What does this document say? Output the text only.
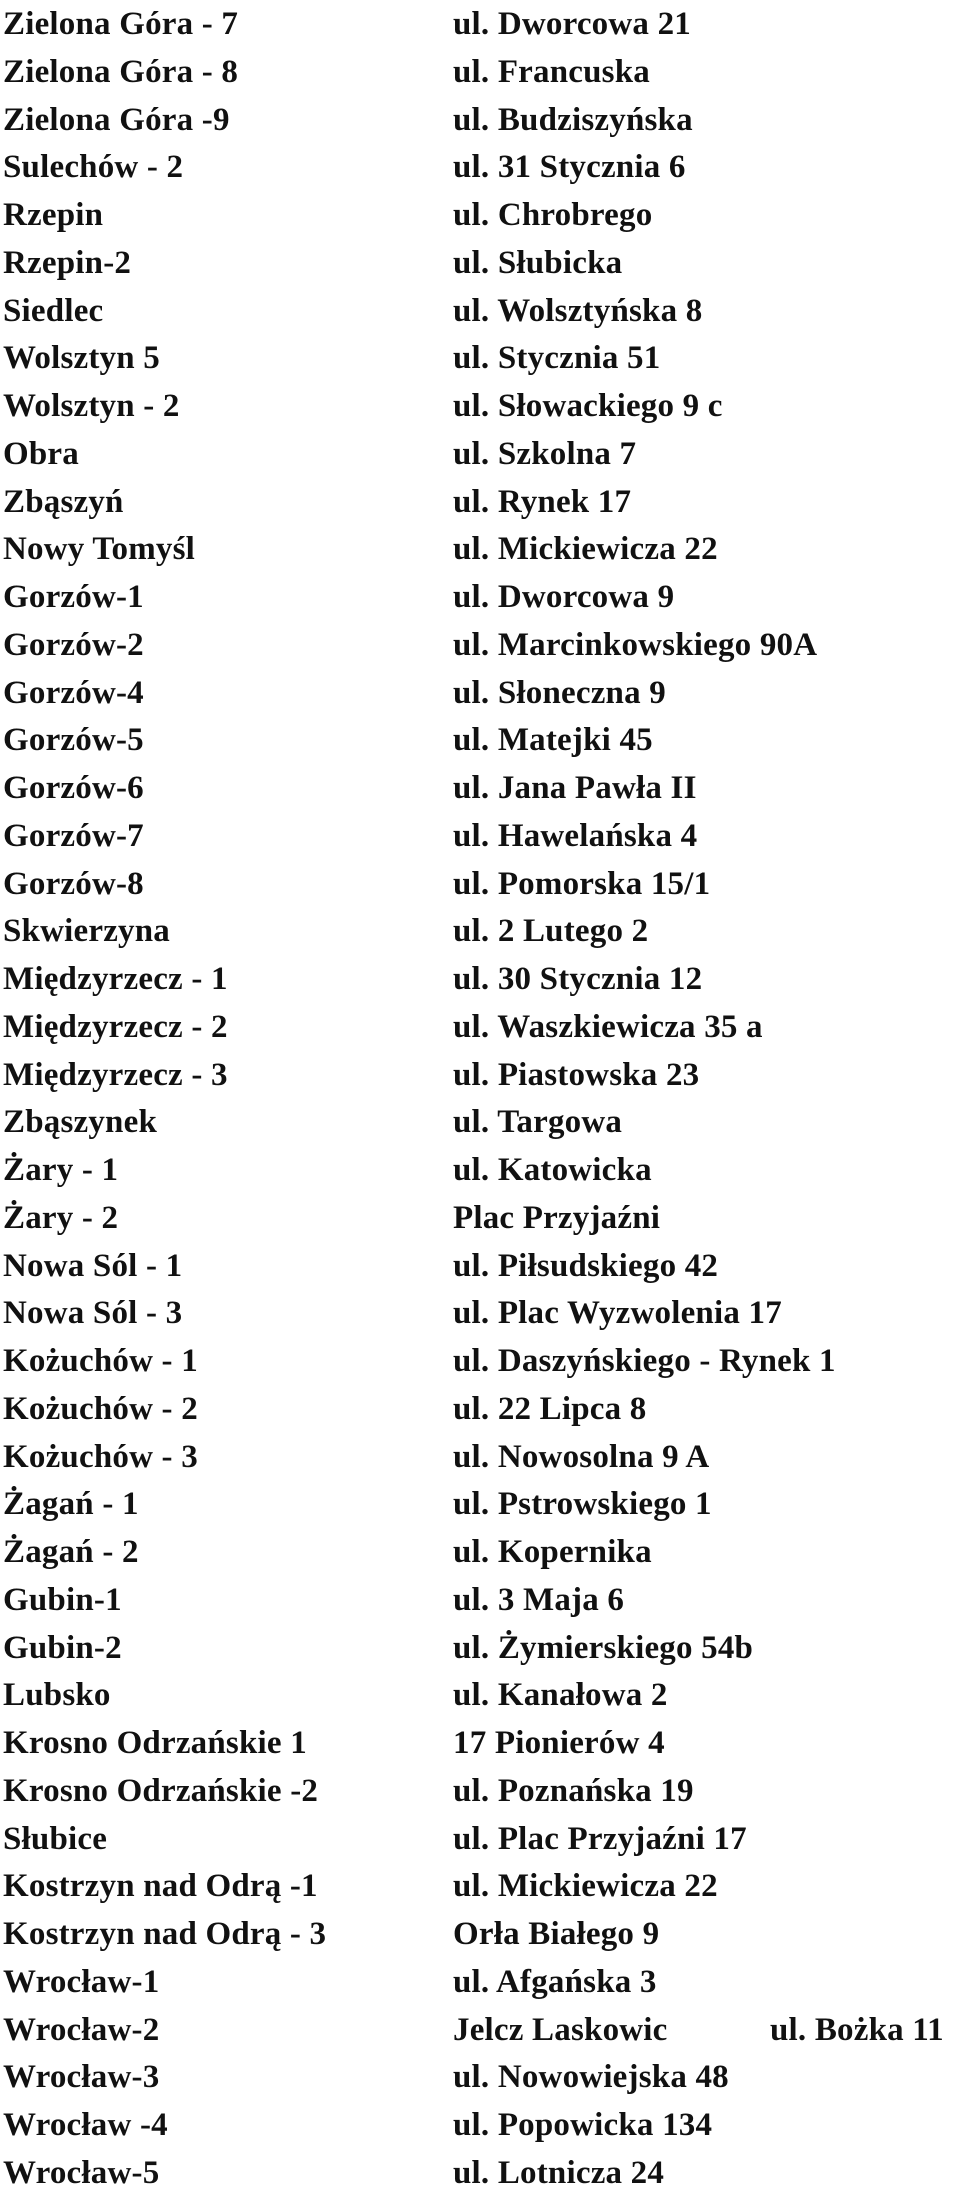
Zielona Góra - 7	ul. Dworcowa 21
Zielona Góra - 8	ul. Francuska
Zielona Góra -9	ul. Budziszyńska
Sulechów - 2	ul. 31 Stycznia 6
Rzepin	ul. Chrobrego
Rzepin-2	ul. Słubicka
Siedlec	ul. Wolsztyńska 8
Wolsztyn 5	ul. Stycznia 51
Wolsztyn - 2	ul. Słowackiego 9 c
Obra	ul. Szkolna 7
Zbąszyń	ul. Rynek 17
Nowy Tomyśl	ul. Mickiewicza 22
Gorzów-1	ul. Dworcowa 9
Gorzów-2	ul. Marcinkowskiego 90A
Gorzów-4	ul. Słoneczna 9
Gorzów-5	ul. Matejki 45
Gorzów-6	ul. Jana Pawła II
Gorzów-7	ul. Hawelańska 4
Gorzów-8	ul. Pomorska 15/1
Skwierzyna	ul. 2 Lutego 2
Międzyrzecz - 1	ul. 30 Stycznia 12
Międzyrzecz - 2	ul. Waszkiewicza 35 a
Międzyrzecz - 3	ul. Piastowska 23
Zbąszynek	ul. Targowa
Żary - 1	ul. Katowicka
Żary - 2	Plac Przyjaźni
Nowa Sól - 1	ul. Piłsudskiego 42
Nowa Sól - 3	ul. Plac Wyzwolenia 17
Kożuchów - 1	ul. Daszyńskiego - Rynek 1
Kożuchów - 2	ul. 22 Lipca 8
Kożuchów - 3	ul. Nowosolna 9 A
Żagań - 1	ul. Pstrowskiego 1
Żagań - 2	ul. Kopernika
Gubin-1	ul. 3 Maja 6
Gubin-2	ul. Żymierskiego 54b
Lubsko	ul. Kanałowa 2
Krosno Odrzańskie 1	17 Pionierów 4
Krosno Odrzańskie -2	ul. Poznańska 19
Słubice	ul. Plac Przyjaźni 17
Kostrzyn nad Odrą -1	ul. Mickiewicza 22
Kostrzyn nad Odrą - 3	Orła Białego 9
Wrocław-1	ul. Afgańska 3
Wrocław-2	Jelcz Laskowic	ul. Bożka 11
Wrocław-3	ul. Nowowiejska 48
Wrocław -4	ul. Popowicka 134
Wrocław-5	ul. Lotnicza 24
